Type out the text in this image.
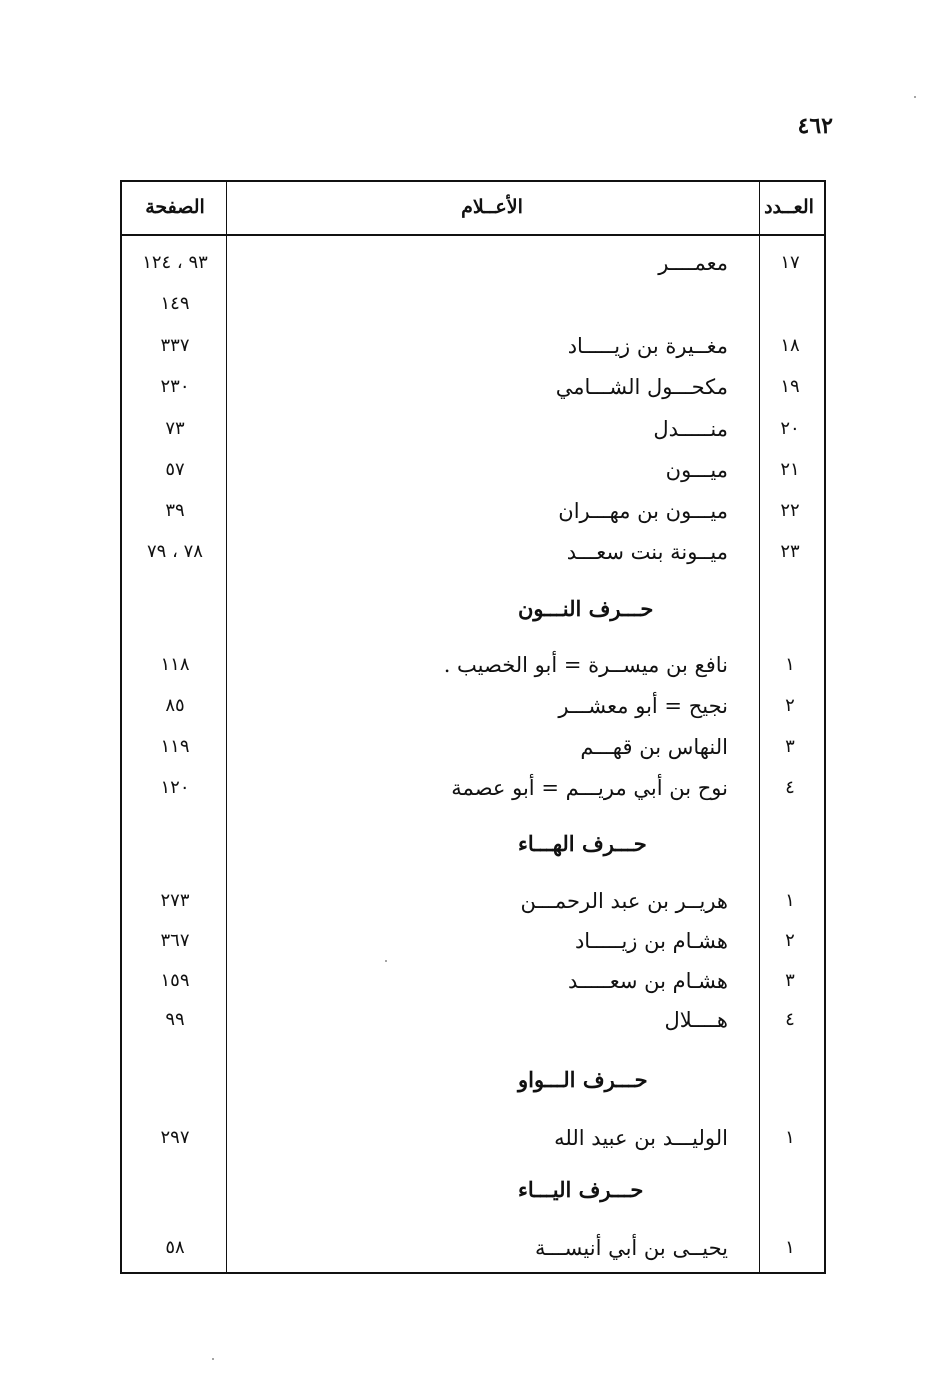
٤٦٢
الصفحة	الأعــلام	العــدد
٩٣ ، ١٢٤	معمــــر	١٧
١٤٩
٣٣٧	مغــيرة بن زيـــــاد	١٨
٢٣٠	مكحـــول الشـــامي	١٩
٧٣	منـــــدل	٢٠
٥٧	ميـــون	٢١
٣٩	ميـــون بن مهـــران	٢٢
٧٨ ، ٧٩	ميــونة بنت سعـــد	٢٣
حـــرف النـــون
١١٨	نافع بن ميســرة = أبو الخصيب .	١
٨٥	نجيح = أبو معشـــر	٢
١١٩	النهاس بن قهـــم	٣
١٢٠	نوح بن أبي مريـــم = أبو عصمة	٤
حـــرف الهـــاء
٢٧٣	هريــر بن عبد الرحمـــن	١
٣٦٧	هشـام بن زيـــــاد	٢
١٥٩	هشـام بن سعـــــد	٣
٩٩	هــــلال	٤
حـــرف الـــواو
٢٩٧	الوليـــد بن عبيد الله	١
حـــرف اليـــاء
٥٨	يحيــى بن أبي أنيســـة	١
